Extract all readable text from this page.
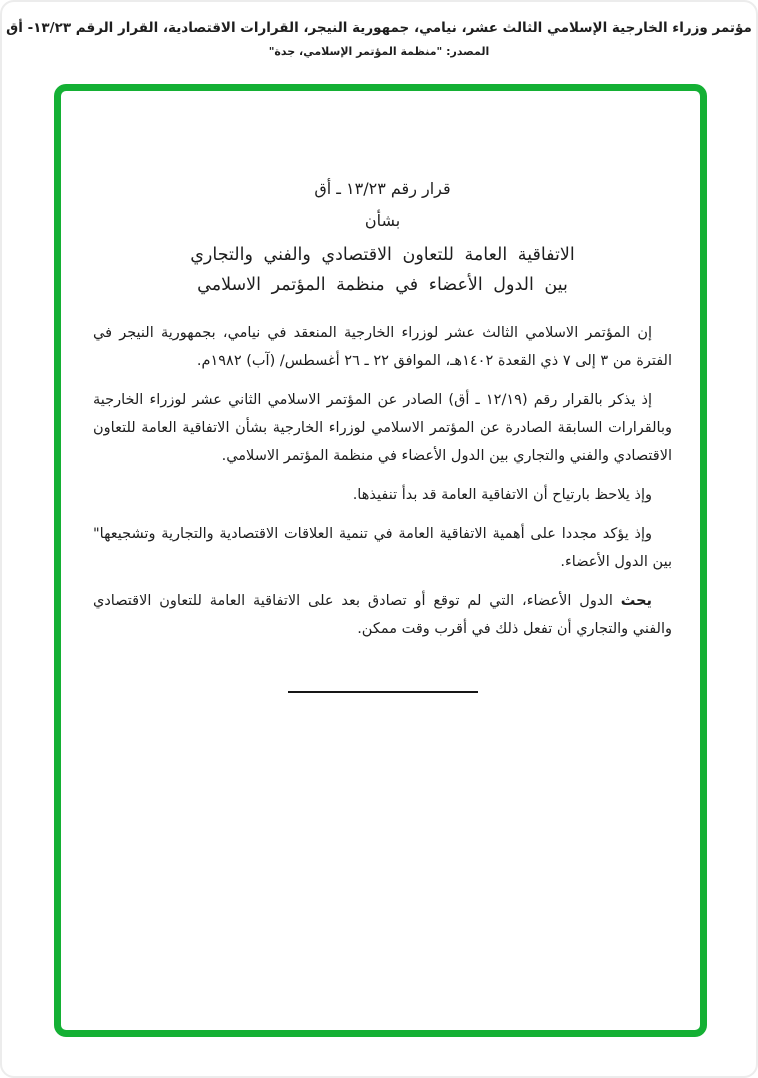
مؤتمر وزراء الخارجية الإسلامي الثالث عشر، نيامي، جمهورية النيجر، القرارات الاقتصادية، القرار الرقم ١٣/٢٣- أق
المصدر: "منظمة المؤتمر الإسلامي، جدة"
قرار رقم ١٣/٢٣ ـ أق
بشأن
الاتفاقية العامة للتعاون الاقتصادي والفني والتجاري
بين الدول الأعضاء في منظمة المؤتمر الاسلامي

إن المؤتمر الاسلامي الثالث عشر لوزراء الخارجية المنعقد في نيامي، بجمهورية النيجر في الفترة من ٣ إلى ٧ ذي القعدة ١٤٠٢هـ، الموافق ٢٢ ـ ٢٦ أغسطس/ (آب) ١٩٨٢م.

إذ يذكر بالقرار رقم (١٢/١٩ ـ أق) الصادر عن المؤتمر الاسلامي الثاني عشر لوزراء الخارجية وبالقرارات السابقة الصادرة عن المؤتمر الاسلامي لوزراء الخارجية بشأن الاتفاقية العامة للتعاون الاقتصادي والفني والتجاري بين الدول الأعضاء في منظمة المؤتمر الاسلامي.

وإذ يلاحظ بارتياح أن الاتفاقية العامة قد بدأ تنفيذها.

وإذ يؤكد مجددا على أهمية الاتفاقية العامة في تنمية العلاقات الاقتصادية والتجارية وتشجيعها" بين الدول الأعضاء.

يحث الدول الأعضاء، التي لم توقع أو تصادق بعد على الاتفاقية العامة للتعاون الاقتصادي والفني والتجاري أن تفعل ذلك في أقرب وقت ممكن.
